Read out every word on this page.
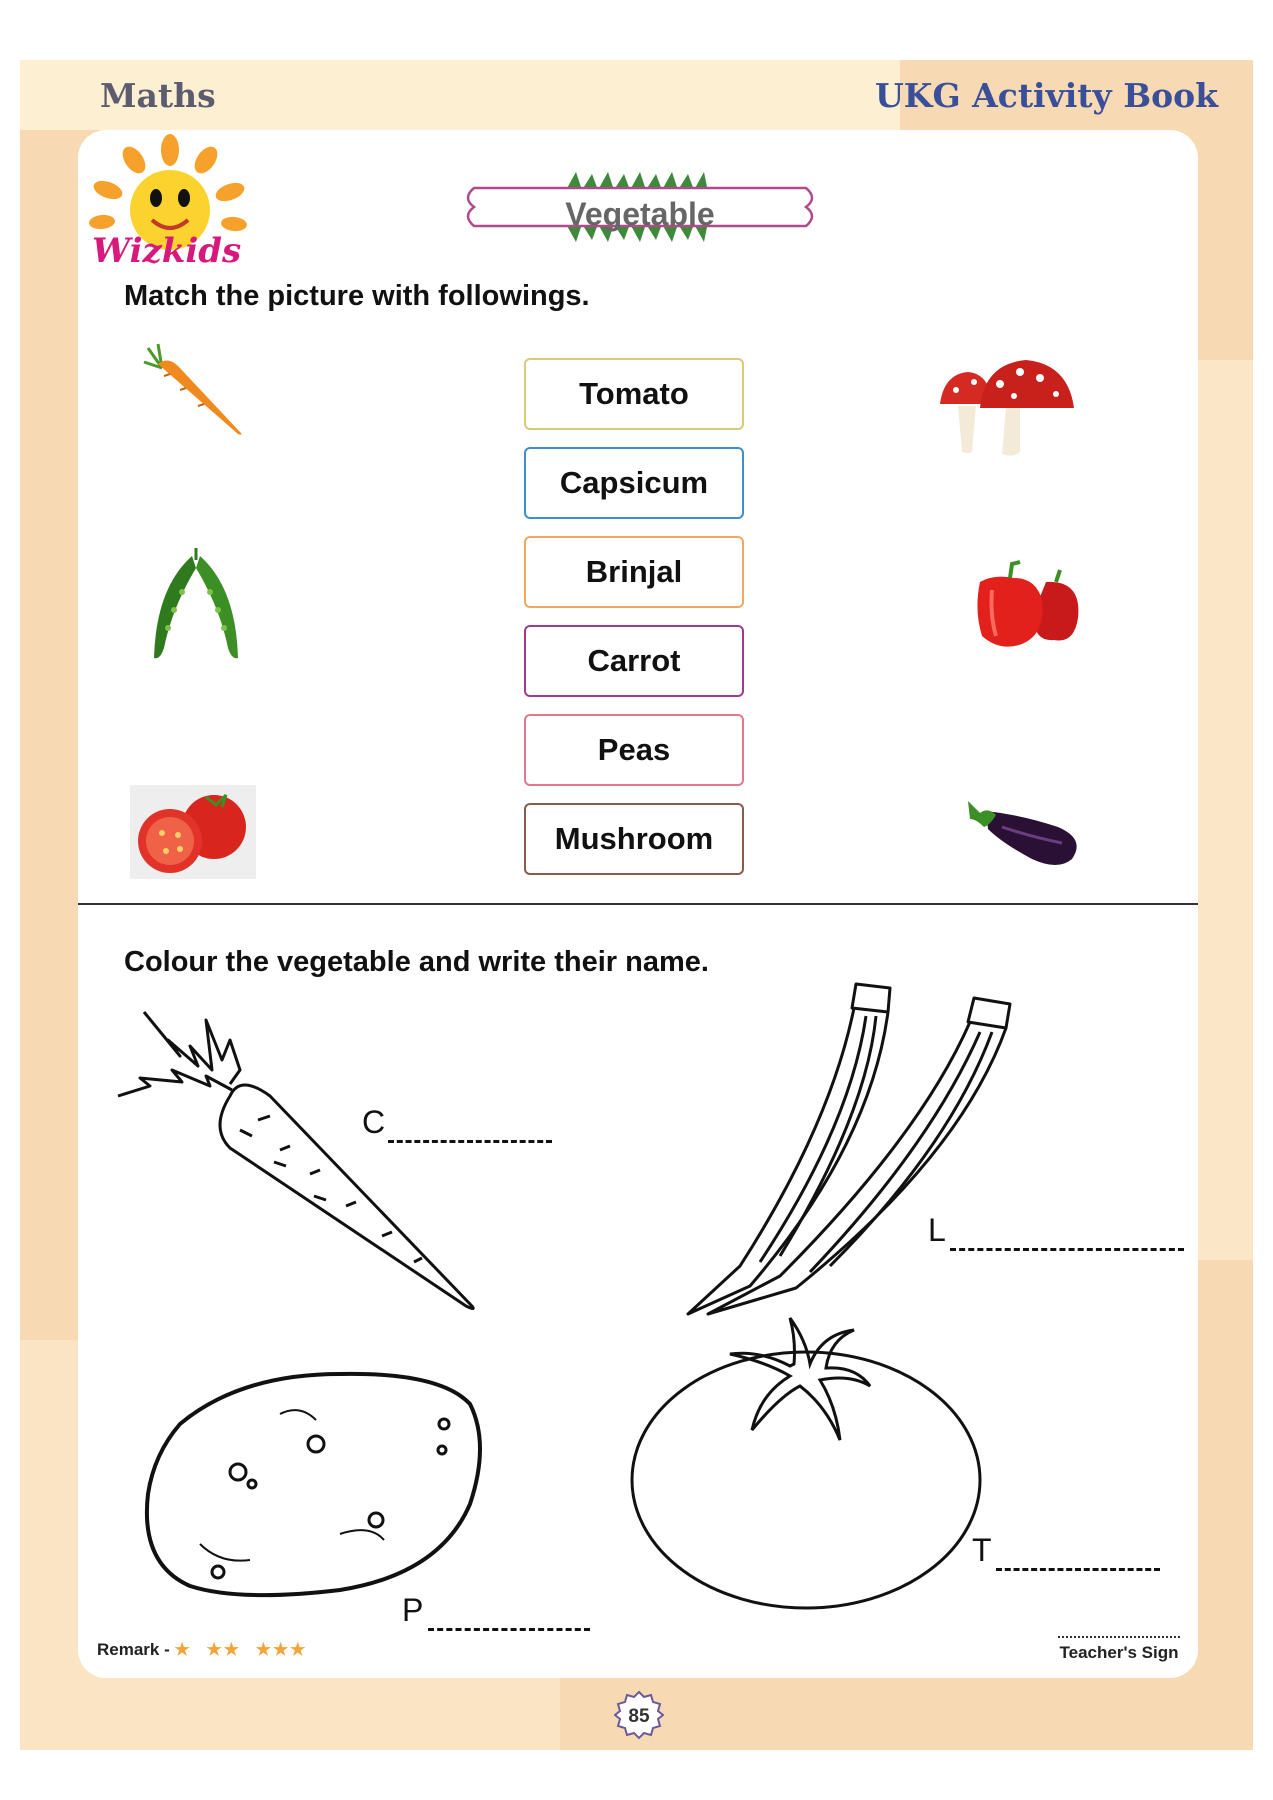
Maths	UKG Activity Book
Wizkids
Vegetable
Match the picture with followings.
Tomato
Capsicum
Brinjal
Carrot
Peas
Mushroom
Colour the vegetable and write their name.
C
L
P
T
Remark - ★ ★★ ★★★	Teacher's Sign
85
